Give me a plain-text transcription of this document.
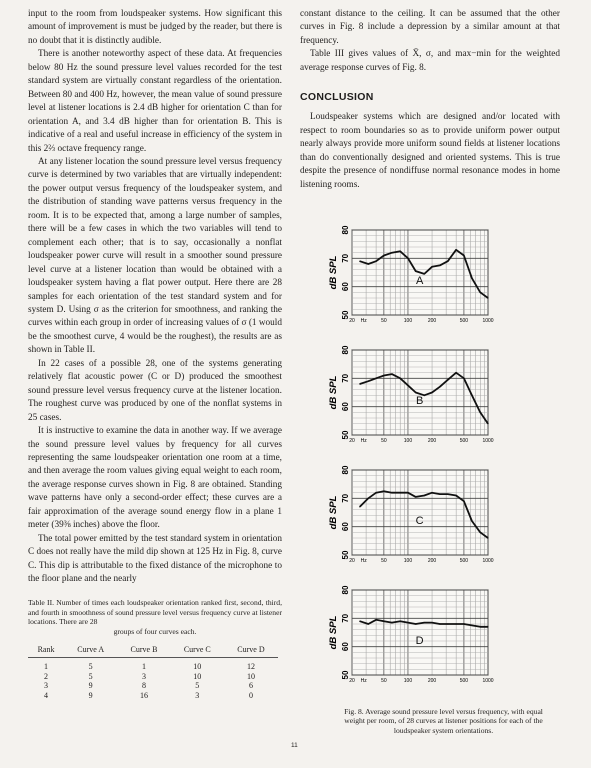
input to the room from loudspeaker systems. How significant this amount of improvement is must be judged by the reader, but there is no doubt that it is distinctly audible.

There is another noteworthy aspect of these data. At frequencies below 80 Hz the sound pressure level values recorded for the test standard system are virtually constant regardless of the orientation. Between 80 and 400 Hz, however, the mean value of sound pressure level at listener locations is 2.4 dB higher for orientation C than for orientation A, and 3.4 dB higher than for orientation B. This is indicative of a real and useful increase in efficiency of the system in this 2⅔ octave frequency range.

At any listener location the sound pressure level versus frequency curve is determined by two variables that are virtually independent: the power output versus frequency of the loudspeaker system, and the distribution of standing wave patterns versus frequency in the room. It is to be expected that, among a large number of samples, there will be a few cases in which the two variables will tend to complement each other; that is to say, occasionally a nonflat loudspeaker power curve will result in a smoother sound pressure level curve at a listener location than would be obtained with a loudspeaker system having a flat power output. Here there are 28 samples for each orientation of the test standard system and for system D. Using σ as the criterion for smoothness, and ranking the curves within each group in order of increasing values of σ (1 would be the smoothest curve, 4 would be the roughest), the results are as shown in Table II.

In 22 cases of a possible 28, one of the systems generating relatively flat acoustic power (C or D) produced the smoothest sound pressure level versus frequency curve at the listener location. The roughest curve was produced by one of the nonflat systems in 25 cases.

It is instructive to examine the data in another way. If we average the sound pressure level values by frequency for all curves representing the same loudspeaker orientation one room at a time, and then average the room values giving equal weight to each room, the average response curves shown in Fig. 8 are obtained. Standing wave patterns have only a second-order effect; these curves are a fair approximation of the average sound energy flow in a plane 1 meter (39⅜ inches) above the floor.

The total power emitted by the test standard system in orientation C does not really have the mild dip shown at 125 Hz in Fig. 8, curve C. This dip is attributable to the fixed distance of the microphone to the floor plane and the nearly

Table II. Number of times each loudspeaker orientation ranked first, second, third, and fourth in smoothness of sound pressure level versus frequency curve at listener locations. There are 28

groups of four curves each.

Rank	Curve A	Curve B	Curve C	Curve D
1	5	1	10	12
2	5	3	10	10
3	9	8	5	6
4	9	16	3	0

constant distance to the ceiling. It can be assumed that the other curves in Fig. 8 include a depression by a similar amount at that frequency.

Table III gives values of X̄, σ, and max−min for the weighted average response curves of Fig. 8.

CONCLUSION

Loudspeaker systems which are designed and/or located with respect to room boundaries so as to provide uniform power output nearly always provide more uniform sound fields at listener locations than do conventionally designed and oriented systems. This is true despite the presence of nondiffuse normal resonance modes in home listening rooms.

50
60
70
80
dB SPL
20 Hz	50	100	200	500	1000
A
50
60
70
80
dB SPL
20 Hz	50	100	200	500	1000
B
50
60
70
80
dB SPL
20 Hz	50	100	200	500	1000
C
50
60
70
80
dB SPL
20 Hz	50	100	200	500	1000
D

Fig. 8. Average sound pressure level versus frequency, with equal weight per room, of 28 curves at listener positions for each of the loudspeaker system orientations.

11
